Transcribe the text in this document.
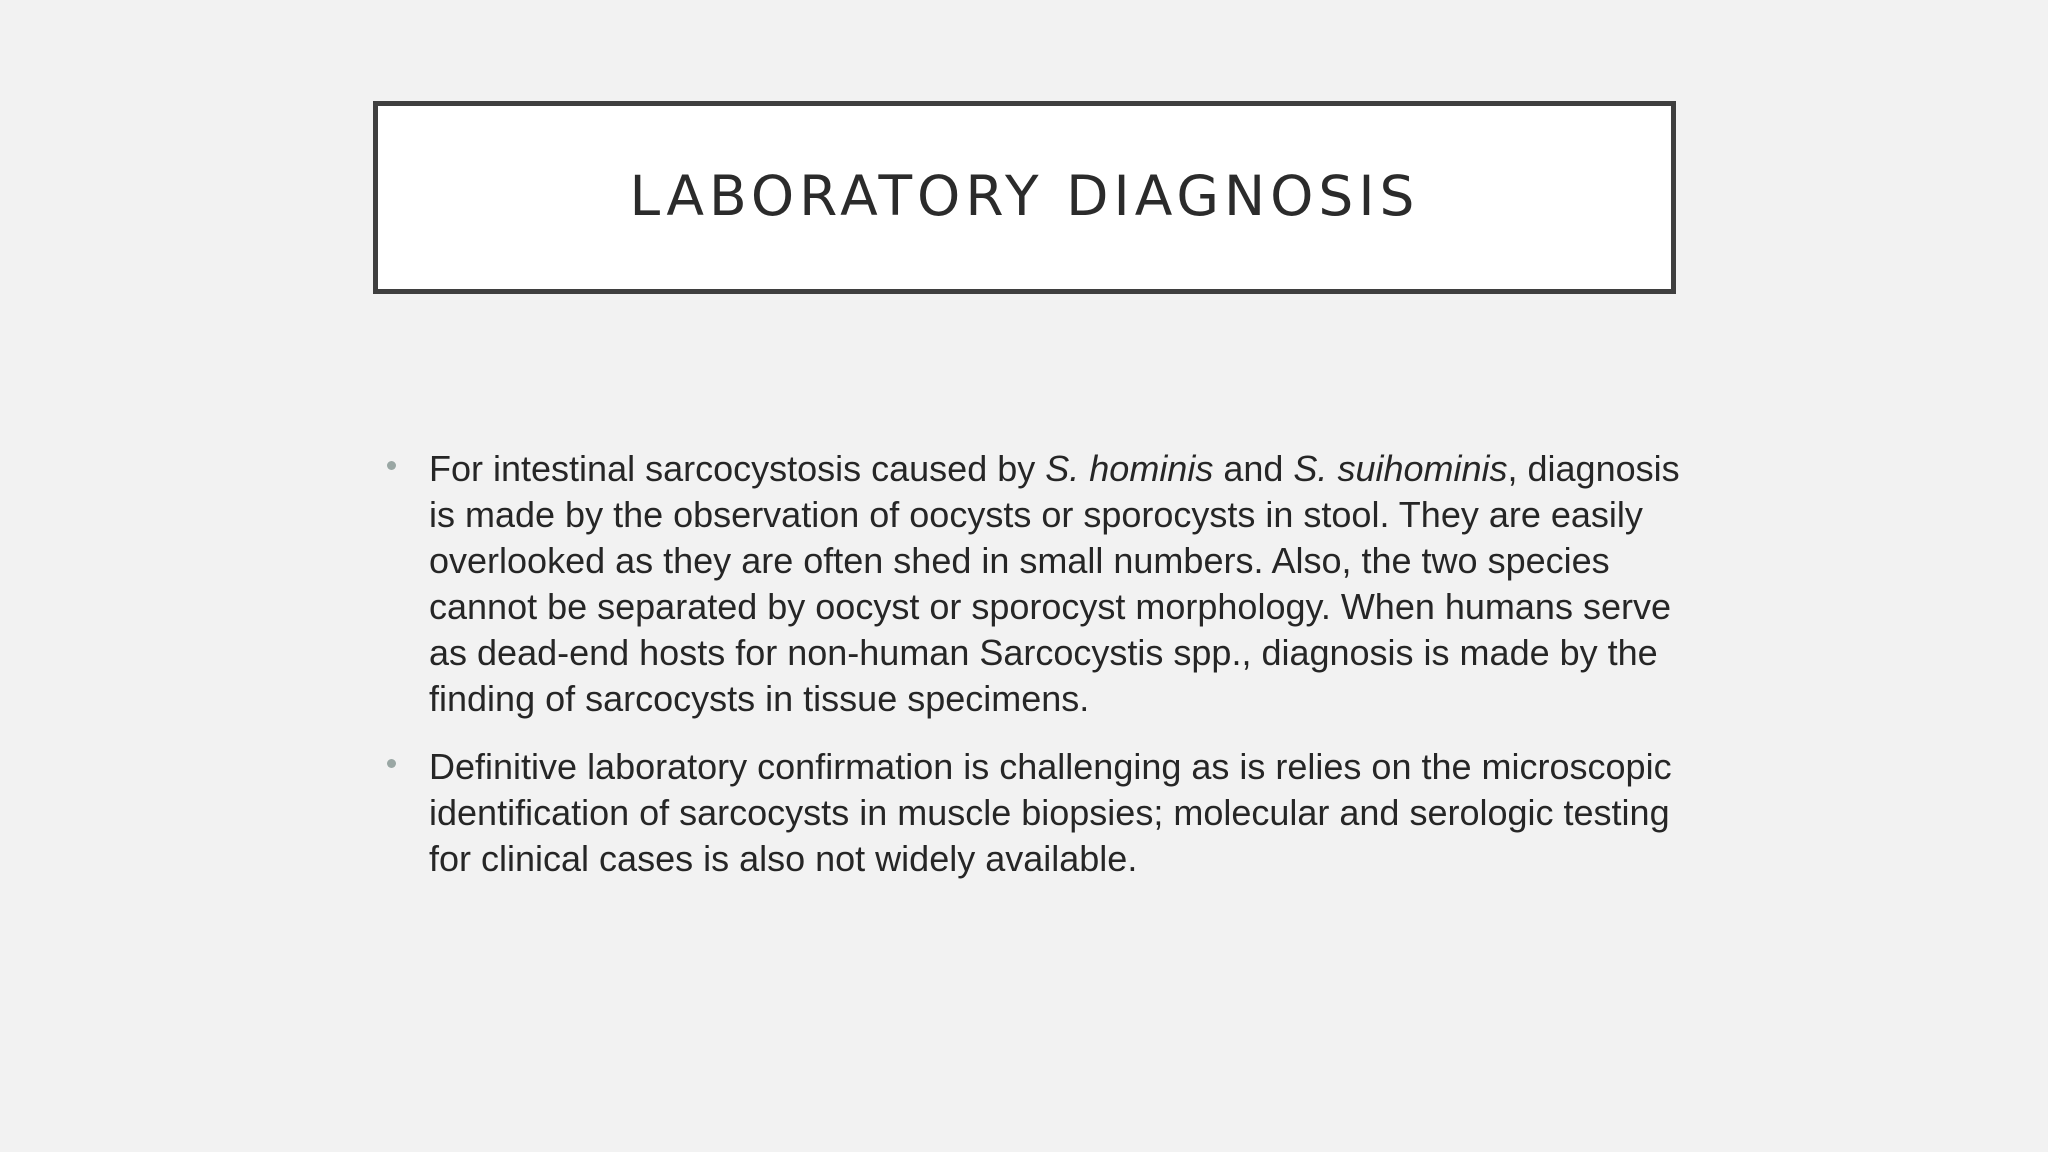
LABORATORY DIAGNOSIS
For intestinal sarcocystosis caused by S. hominis and S. suihominis, diagnosis is made by the observation of oocysts or sporocysts in stool. They are easily overlooked as they are often shed in small numbers. Also, the two species cannot be separated by oocyst or sporocyst morphology. When humans serve as dead-end hosts for non-human Sarcocystis spp., diagnosis is made by the finding of sarcocysts in tissue specimens.
Definitive laboratory confirmation is challenging as is relies on the microscopic identification of sarcocysts in muscle biopsies; molecular and serologic testing for clinical cases is also not widely available.
